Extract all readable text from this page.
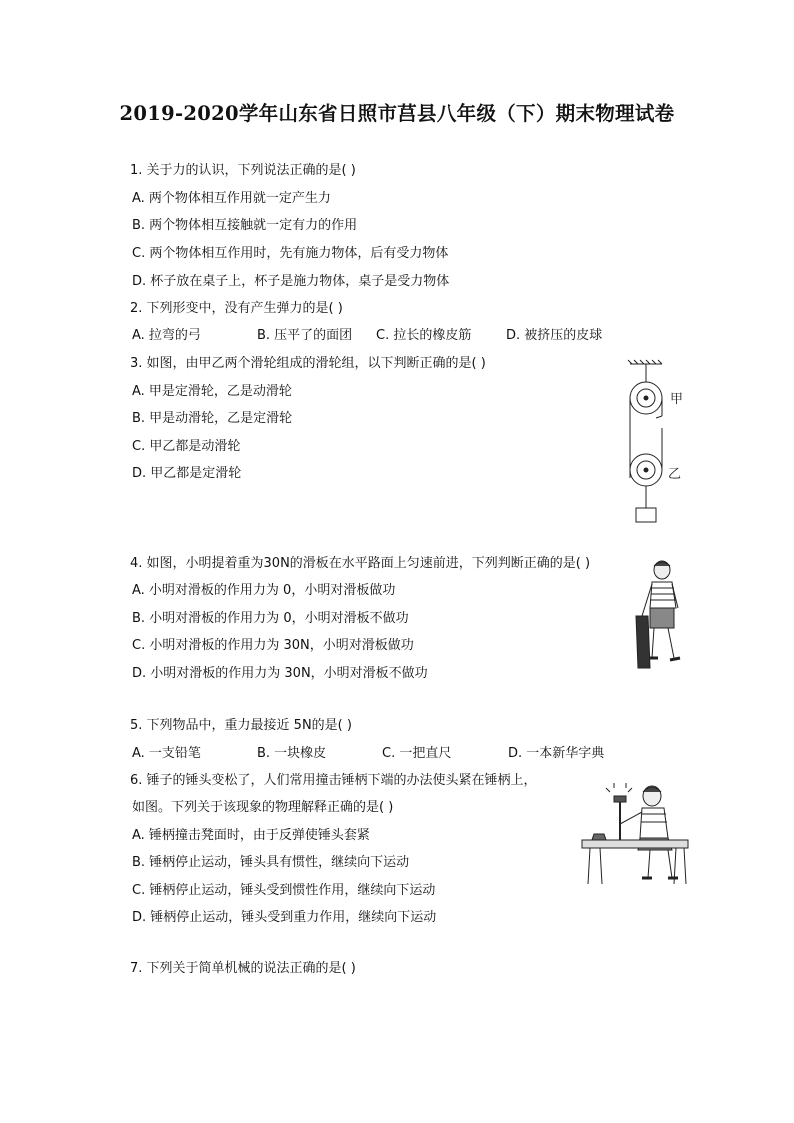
2019-2020学年山东省日照市莒县八年级（下）期末物理试卷
1. 关于力的认识，下列说法正确的是( )
A. 两个物体相互作用就一定产生力
B. 两个物体相互接触就一定有力的作用
C. 两个物体相互作用时，先有施力物体，后有受力物体
D. 杯子放在桌子上，杯子是施力物体，桌子是受力物体
2. 下列形变中，没有产生弹力的是( )
A. 拉弯的弓	B. 压平了的面团 C. 拉长的橡皮筋	D. 被挤压的皮球
3. 如图，由甲乙两个滑轮组成的滑轮组，以下判断正确的是( )
A. 甲是定滑轮，乙是动滑轮
B. 甲是动滑轮，乙是定滑轮
C. 甲乙都是动滑轮
D. 甲乙都是定滑轮
甲
乙
4. 如图，小明提着重为30N的滑板在水平路面上匀速前进，下列判断正确的是( )
A. 小明对滑板的作用力为 0，小明对滑板做功
B. 小明对滑板的作用力为 0，小明对滑板不做功
C. 小明对滑板的作用力为 30N，小明对滑板做功
D. 小明对滑板的作用力为 30N，小明对滑板不做功
5. 下列物品中，重力最接近 5N的是( )
A. 一支铅笔	B. 一块橡皮	C. 一把直尺	D. 一本新华字典
6. 锤子的锤头变松了，人们常用撞击锤柄下端的办法使头紧在锤柄上，
如图。下列关于该现象的物理解释正确的是( )
A. 锤柄撞击凳面时，由于反弹使锤头套紧
B. 锤柄停止运动，锤头具有惯性，继续向下运动
C. 锤柄停止运动，锤头受到惯性作用，继续向下运动
D. 锤柄停止运动，锤头受到重力作用，继续向下运动
7. 下列关于简单机械的说法正确的是( )
